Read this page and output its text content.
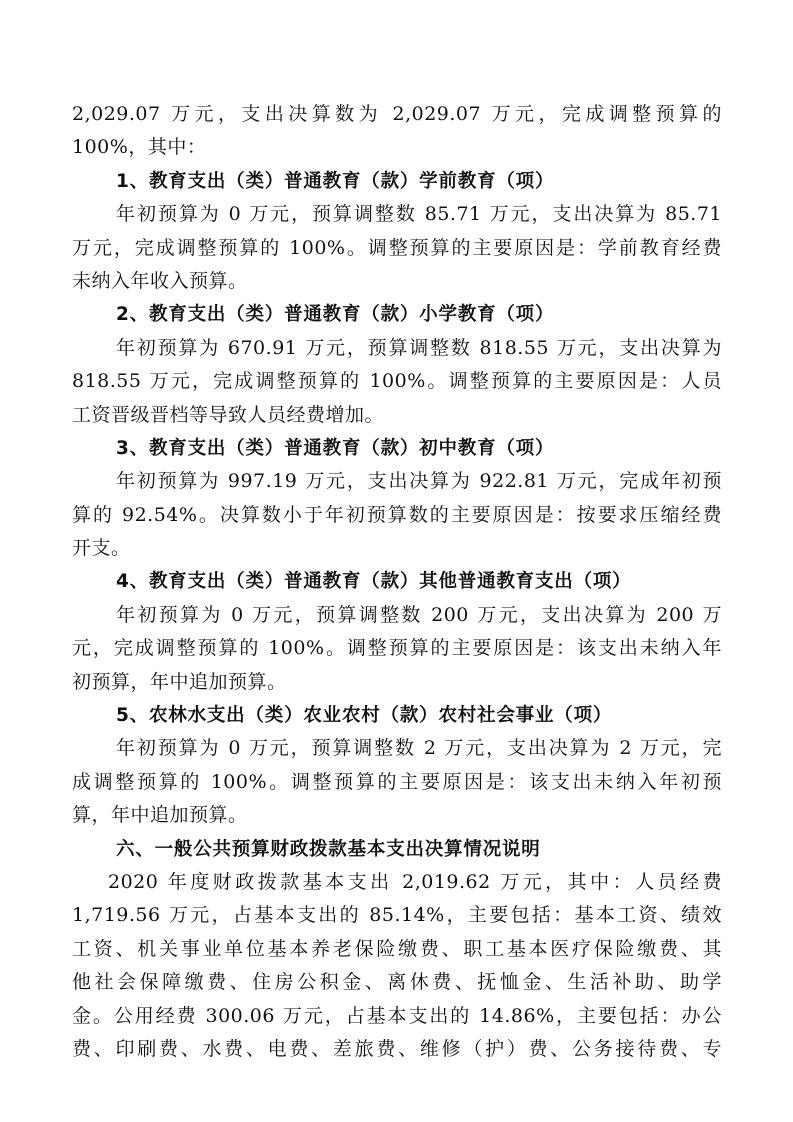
2,029.07 万元，支出决算数为 2,029.07 万元，完成调整预算的
100%，其中：
1、教育支出（类）普通教育（款）学前教育（项）
年初预算为 0 万元，预算调整数 85.71 万元，支出决算为 85.71
万元，完成调整预算的 100%。调整预算的主要原因是：学前教育经费
未纳入年收入预算。
2、教育支出（类）普通教育（款）小学教育（项）
年初预算为 670.91 万元，预算调整数 818.55 万元，支出决算为
818.55 万元，完成调整预算的 100%。调整预算的主要原因是：人员
工资晋级晋档等导致人员经费增加。
3、教育支出（类）普通教育（款）初中教育（项）
年初预算为 997.19 万元，支出决算为 922.81 万元，完成年初预
算的 92.54%。决算数小于年初预算数的主要原因是：按要求压缩经费
开支。
4、教育支出（类）普通教育（款）其他普通教育支出（项）
年初预算为 0 万元，预算调整数 200 万元，支出决算为 200 万
元，完成调整预算的 100%。调整预算的主要原因是：该支出未纳入年
初预算，年中追加预算。
5、农林水支出（类）农业农村（款）农村社会事业（项）
年初预算为 0 万元，预算调整数 2 万元，支出决算为 2 万元，完
成调整预算的 100%。调整预算的主要原因是：该支出未纳入年初预
算，年中追加预算。
六、一般公共预算财政拨款基本支出决算情况说明
2020 年度财政拨款基本支出 2,019.62 万元，其中：人员经费
1,719.56 万元，占基本支出的 85.14%，主要包括：基本工资、绩效
工资、机关事业单位基本养老保险缴费、职工基本医疗保险缴费、其
他社会保障缴费、住房公积金、离休费、抚恤金、生活补助、助学
金。公用经费 300.06 万元，占基本支出的 14.86%，主要包括：办公
费、印刷费、水费、电费、差旅费、维修（护）费、公务接待费、专
